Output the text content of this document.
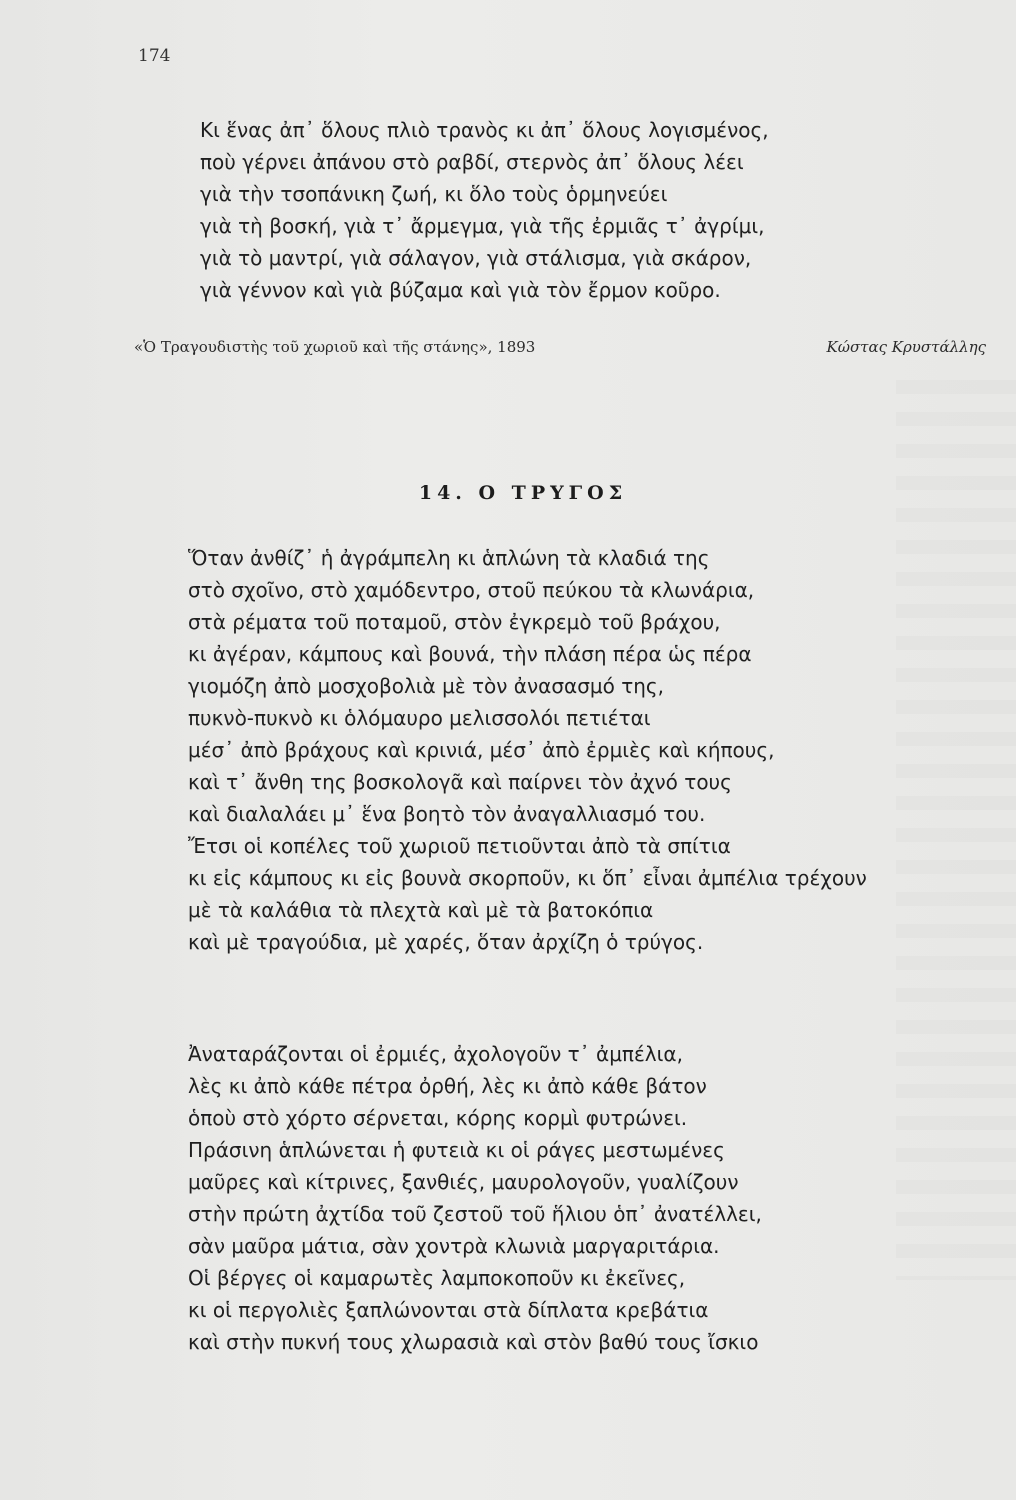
174

Κι ἕνας ἀπ᾽ ὅλους πλιὸ τρανὸς κι ἀπ᾽ ὅλους λογισμένος,
ποὺ γέρνει ἀπάνου στὸ ραβδί, στερνὸς ἀπ᾽ ὅλους λέει
γιὰ τὴν τσοπάνικη ζωή, κι ὅλο τοὺς ὁρμηνεύει
γιὰ τὴ βοσκή, γιὰ τ᾽ ἄρμεγμα, γιὰ τῆς ἐρμιᾶς τ᾽ ἀγρίμι,
γιὰ τὸ μαντρί, γιὰ σάλαγον, γιὰ στάλισμα, γιὰ σκάρον,
γιὰ γέννον καὶ γιὰ βύζαμα καὶ γιὰ τὸν ἔρμον κοῦρο.
«Ὁ Τραγουδιστὴς τοῦ χωριοῦ καὶ τῆς στάνης», 1893	Κώστας Κρυστάλλης
14. Ο ΤΡΥΓΟΣ
Ὅταν ἀνθίζ᾽ ἡ ἀγράμπελη κι ἁπλώνη τὰ κλαδιά της
στὸ σχοῖνο, στὸ χαμόδεντρο, στοῦ πεύκου τὰ κλωνάρια,
στὰ ρέματα τοῦ ποταμοῦ, στὸν ἐγκρεμὸ τοῦ βράχου,
κι ἀγέραν, κάμπους καὶ βουνά, τὴν πλάση πέρα ὡς πέρα
γιομόζη ἀπὸ μοσχοβολιὰ μὲ τὸν ἀνασασμό της,
πυκνὸ-πυκνὸ κι ὁλόμαυρο μελισσολόι πετιέται
μέσ᾽ ἀπὸ βράχους καὶ κρινιά, μέσ᾽ ἀπὸ ἐρμιὲς καὶ κήπους,
καὶ τ᾽ ἄνθη της βοσκολογᾶ καὶ παίρνει τὸν ἀχνό τους
καὶ διαλαλάει μ᾽ ἕνα βοητὸ τὸν ἀναγαλλιασμό του.
Ἔτσι οἱ κοπέλες τοῦ χωριοῦ πετιοῦνται ἀπὸ τὰ σπίτια
κι εἰς κάμπους κι εἰς βουνὰ σκορποῦν, κι ὅπ᾽ εἶναι ἀμπέλια τρέχουν
μὲ τὰ καλάθια τὰ πλεχτὰ καὶ μὲ τὰ βατοκόπια
καὶ μὲ τραγούδια, μὲ χαρές, ὅταν ἀρχίζη ὁ τρύγος.
Ἀναταράζονται οἱ ἐρμιές, ἀχολογοῦν τ᾽ ἀμπέλια,
λὲς κι ἀπὸ κάθε πέτρα ὀρθή, λὲς κι ἀπὸ κάθε βάτον
ὁποὺ στὸ χόρτο σέρνεται, κόρης κορμὶ φυτρώνει.
Πράσινη ἁπλώνεται ἡ φυτειὰ κι οἱ ράγες μεστωμένες
μαῦρες καὶ κίτρινες, ξανθιές, μαυρολογοῦν, γυαλίζουν
στὴν πρώτη ἀχτίδα τοῦ ζεστοῦ τοῦ ἥλιου ὁπ᾽ ἀνατέλλει,
σὰν μαῦρα μάτια, σὰν χοντρὰ κλωνιὰ μαργαριτάρια.
Οἱ βέργες οἱ καμαρωτὲς λαμποκοποῦν κι ἐκεῖνες,
κι οἱ περγολιὲς ξαπλώνονται στὰ δίπλατα κρεβάτια
καὶ στὴν πυκνή τους χλωρασιὰ καὶ στὸν βαθύ τους ἴσκιο
